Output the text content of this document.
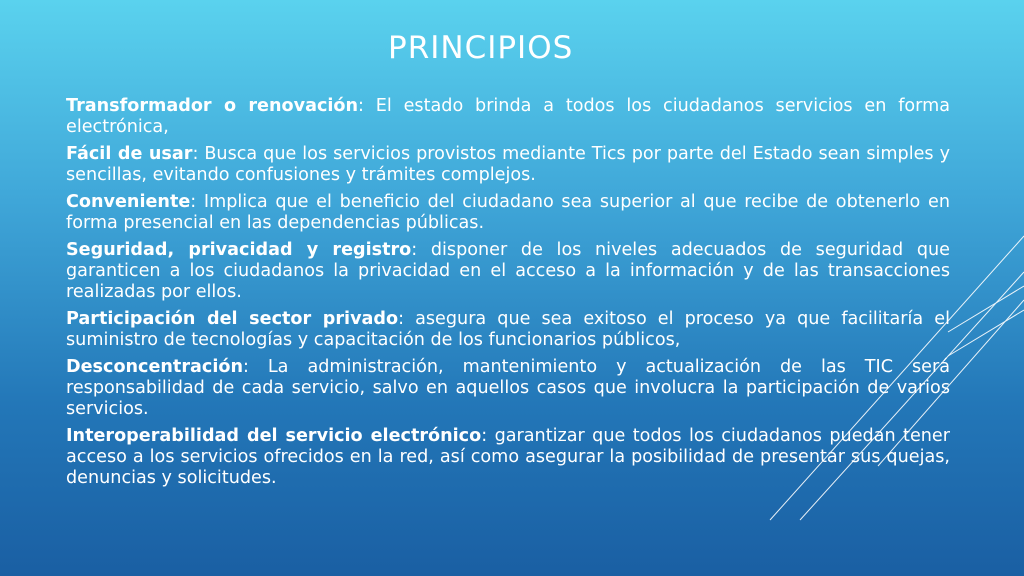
PRINCIPIOS

Transformador o renovación: El estado brinda a todos los ciudadanos servicios en forma electrónica,

Fácil de usar: Busca que los servicios provistos mediante Tics por parte del Estado sean simples y sencillas, evitando confusiones y trámites complejos.

Conveniente: Implica que el beneficio del ciudadano sea superior al que recibe de obtenerlo en forma presencial en las dependencias públicas.

Seguridad, privacidad y registro: disponer de los niveles adecuados de seguridad que garanticen a los ciudadanos la privacidad en el acceso a la información y de las transacciones realizadas por ellos.

Participación del sector privado: asegura que sea exitoso el proceso ya que facilitaría el suministro de tecnologías y capacitación de los funcionarios públicos,

Desconcentración: La administración, mantenimiento y actualización de las TIC será responsabilidad de cada servicio, salvo en aquellos casos que involucra la participación de varios servicios.

Interoperabilidad del servicio electrónico: garantizar que todos los ciudadanos puedan tener acceso a los servicios ofrecidos en la red, así como asegurar la posibilidad de presentar sus quejas, denuncias y solicitudes.
